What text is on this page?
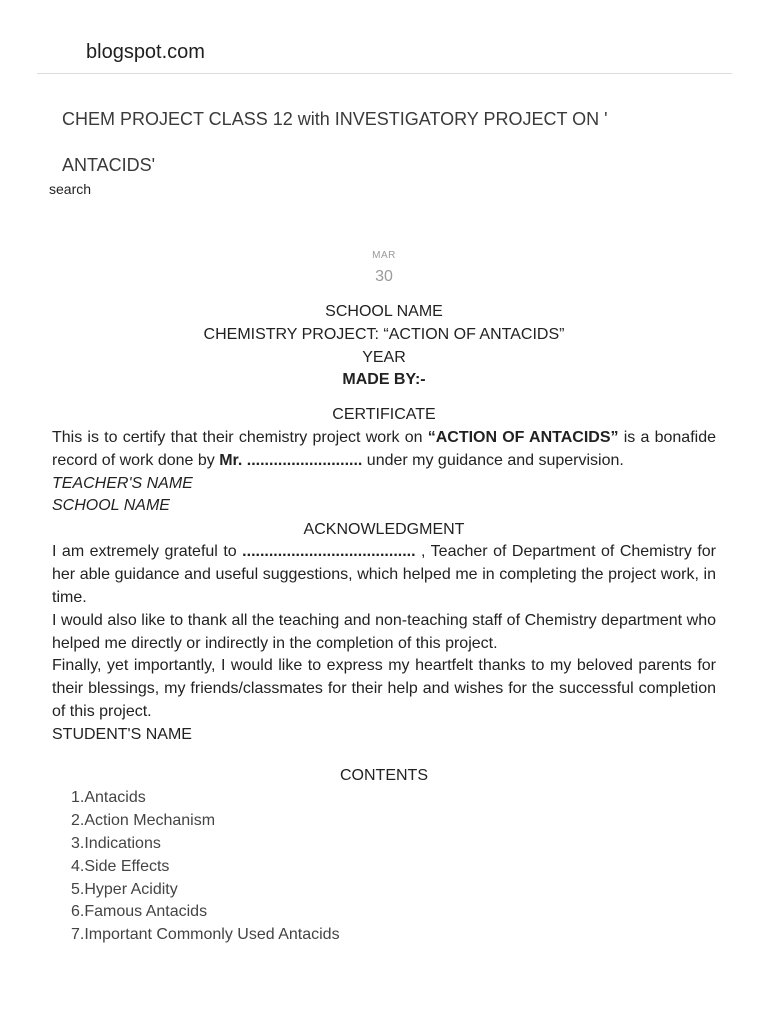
blogspot.com
CHEM PROJECT CLASS 12 with INVESTIGATORY PROJECT ON ' ANTACIDS'
search
MAR
30
SCHOOL NAME
CHEMISTRY PROJECT: “ACTION OF ANTACIDS”
YEAR
MADE BY:-
CERTIFICATE
This is to certify that their chemistry project work on “ACTION OF ANTACIDS” is a bonafide record of work done by Mr. .......................... under my guidance and supervision.
TEACHER'S NAME
SCHOOL NAME
ACKNOWLEDGMENT
I am extremely grateful to ....................................... , Teacher of Department of Chemistry for her able guidance and useful suggestions, which helped me in completing the project work, in time.
I would also like to thank all the teaching and non-teaching staff of Chemistry department who helped me directly or indirectly in the completion of this project.
Finally, yet importantly, I would like to express my heartfelt thanks to my beloved parents for their blessings, my friends/classmates for their help and wishes for the successful completion of this project.
STUDENT'S NAME
CONTENTS
1.Antacids
2.Action Mechanism
3.Indications
4.Side Effects
5.Hyper Acidity
6.Famous Antacids
7.Important Commonly Used Antacids
